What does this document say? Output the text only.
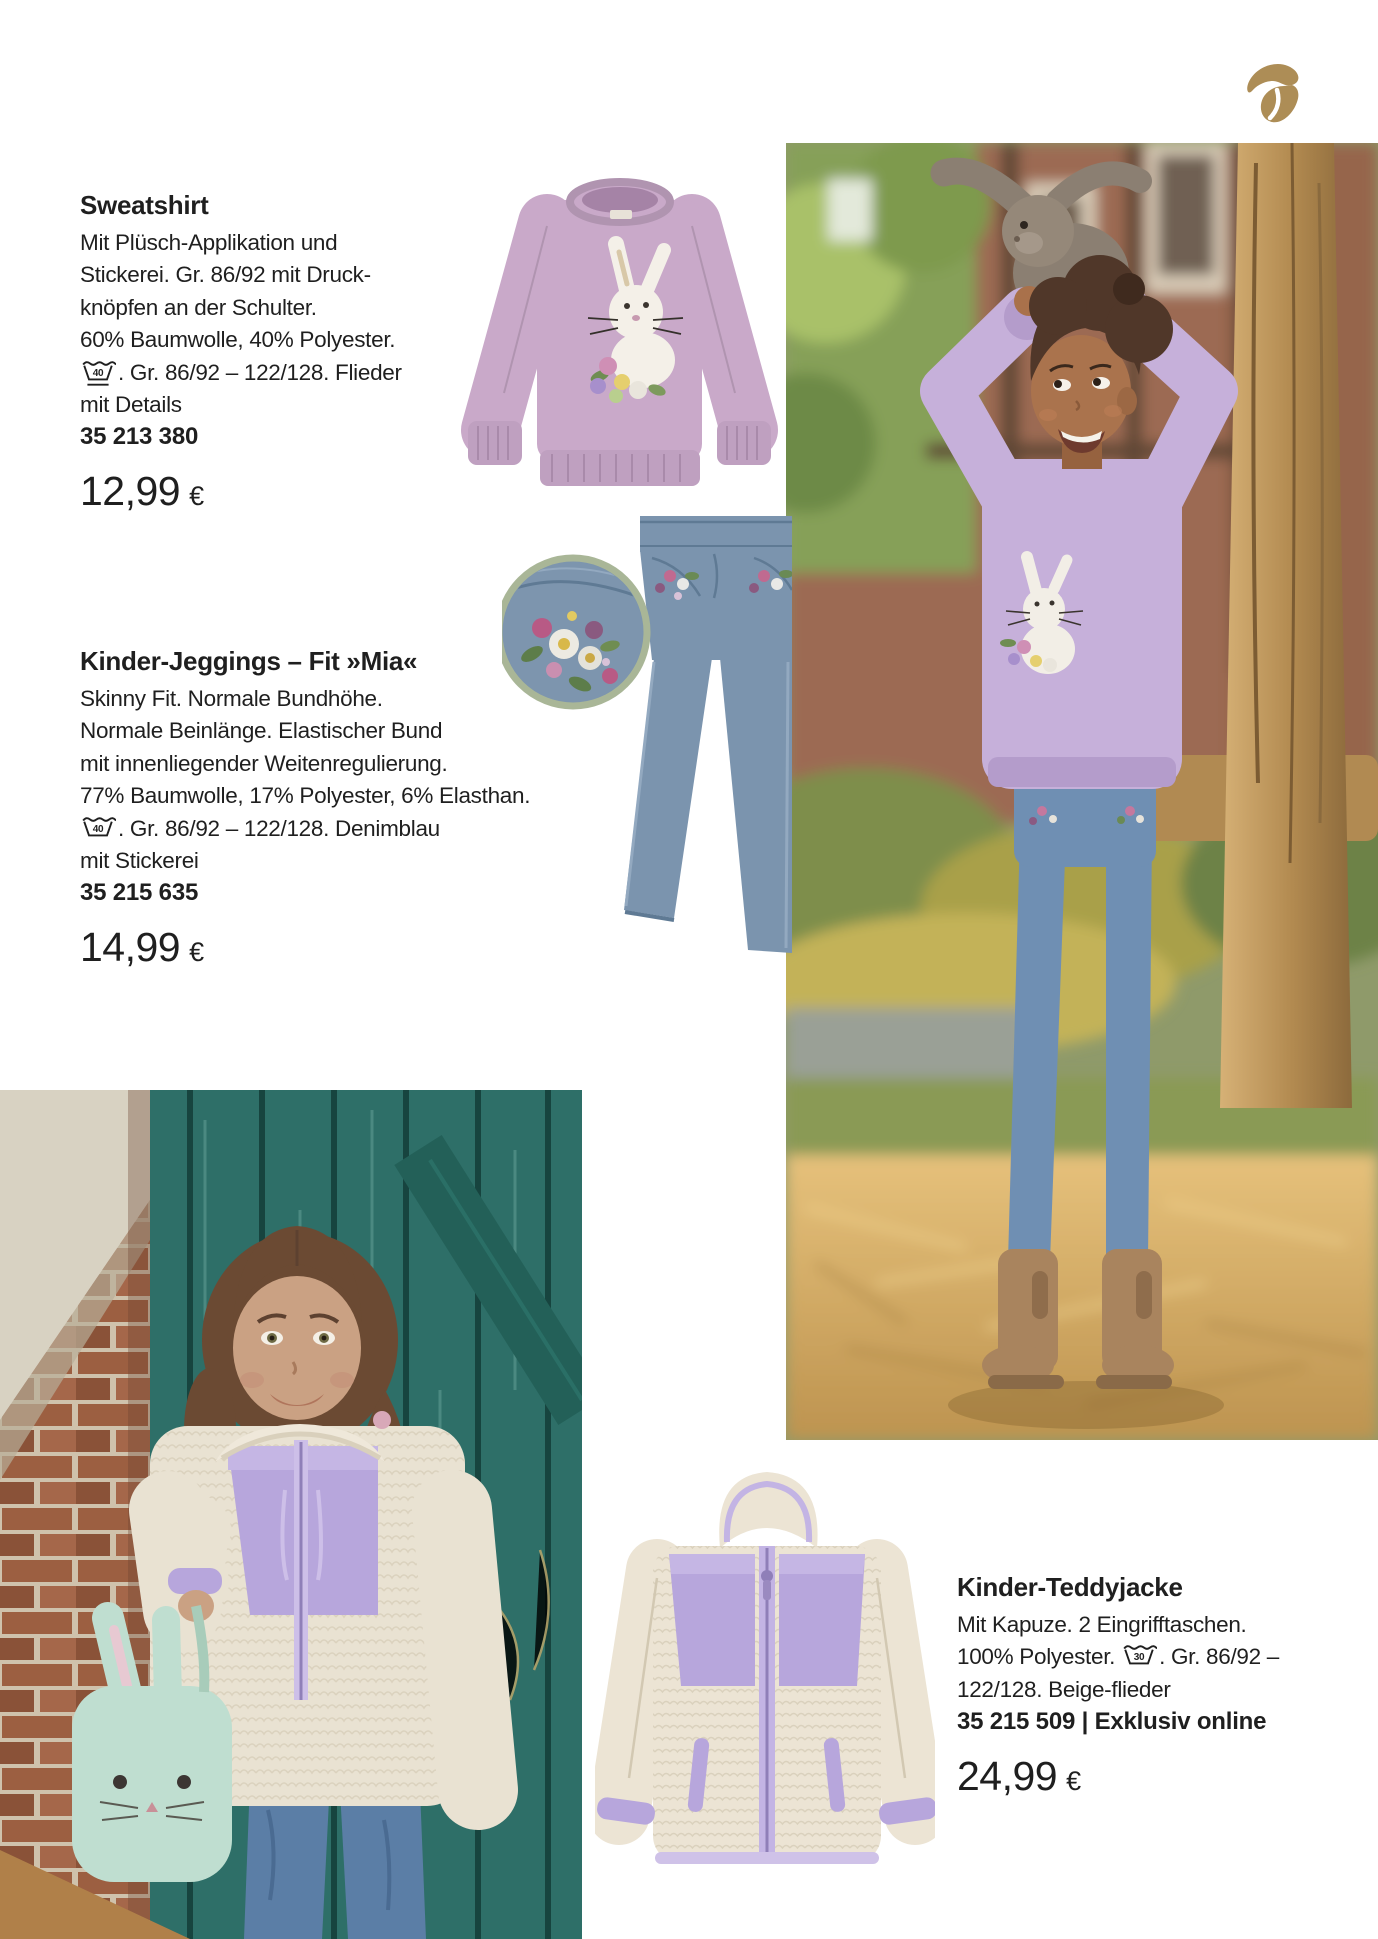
Sweatshirt
Mit Plüsch-Applikation und
Stickerei. Gr. 86/92 mit Druck-
knöpfen an der Schulter.
60% Baumwolle, 40% Polyester.
40 . Gr. 86/92 – 122/128. Flieder
mit Details
35 213 380
12,99 €
Kinder-Jeggings – Fit »Mia«
Skinny Fit. Normale Bundhöhe.
Normale Beinlänge. Elastischer Bund
mit innenliegender Weitenregulierung.
77% Baumwolle, 17% Polyester, 6% Elasthan.
40 . Gr. 86/92 – 122/128. Denimblau
mit Stickerei
35 215 635
14,99 €
Kinder-Teddyjacke
Mit Kapuze. 2 Eingrifftaschen.
100% Polyester. 30 . Gr. 86/92 –
122/128. Beige-flieder
35 215 509 | Exklusiv online
24,99 €
